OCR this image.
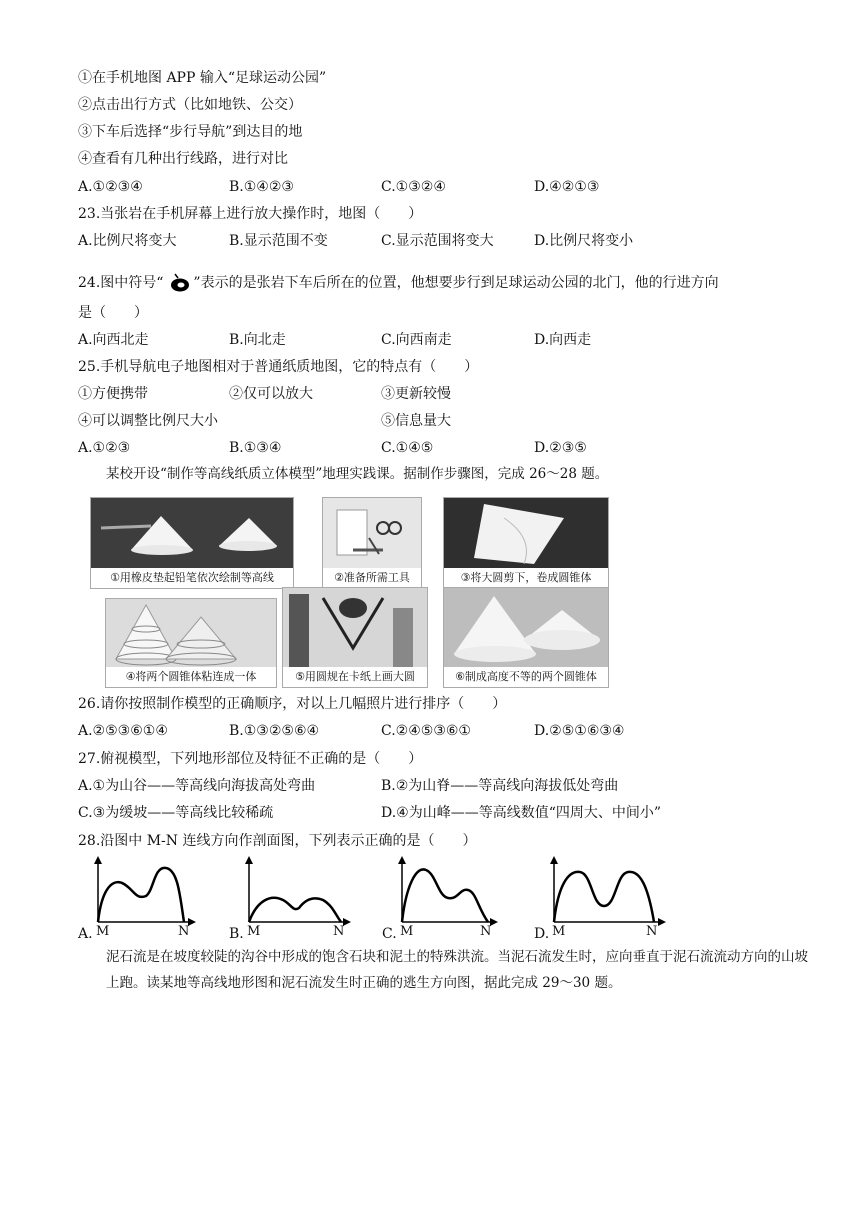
①在手机地图 APP 输入“足球运动公园”
②点击出行方式（比如地铁、公交）
③下车后选择“步行导航”到达目的地
④查看有几种出行线路，进行对比
A.①②③④	B.①④②③	C.①③②④	D.④②①③
23.当张岩在手机屏幕上进行放大操作时，地图（　　）
A.比例尺将变大	B.显示范围不变	C.显示范围将变大	D.比例尺将变小
24.图中符号“ ”表示的是张岩下车后所在的位置，他想要步行到足球运动公园的北门，他的行进方向
是（　　）
A.向西北走	B.向北走	C.向西南走	D.向西走
25.手机导航电子地图相对于普通纸质地图，它的特点有（　　）
①方便携带	②仅可以放大	③更新较慢
④可以调整比例尺大小	⑤信息量大
A.①②③	B.①③④	C.①④⑤	D.②③⑤
某校开设“制作等高线纸质立体模型”地理实践课。据制作步骤图，完成 26～28 题。
①用橡皮垫起铅笔依次绘制等高线	②准备所需工具	③将大圆剪下，卷成圆锥体
④将两个圆锥体粘连成一体	⑤用圆规在卡纸上画大圆	⑥制成高度不等的两个圆锥体
26.请你按照制作模型的正确顺序，对以上几幅照片进行排序（　　）
A.②⑤③⑥①④	B.①③②⑤⑥④	C.②④⑤③⑥①	D.②⑤①⑥③④
27.俯视模型，下列地形部位及特征不正确的是（　　）
A.①为山谷——等高线向海拔高处弯曲	B.②为山脊——等高线向海拔低处弯曲
C.③为缓坡——等高线比较稀疏	D.④为山峰——等高线数值“四周大、中间小”
28.沿图中 M-N 连线方向作剖面图，下列表示正确的是（　　）
A. M	N	B. M	N	C. M	N	D. M	N
泥石流是在坡度较陡的沟谷中形成的饱含石块和泥土的特殊洪流。当泥石流发生时，应向垂直于泥石流流动方向的山坡上跑。读某地等高线地形图和泥石流发生时正确的逃生方向图，据此完成 29～30 题。
